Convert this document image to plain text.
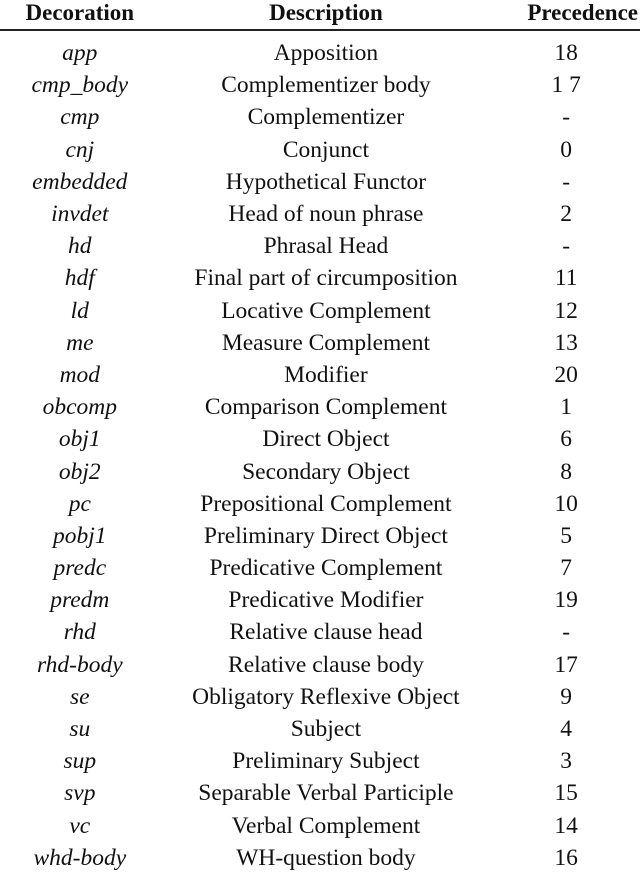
Decoration	Description	Precedence
app	Apposition	18
cmp_body	Complementizer body	1 7
cmp	Complementizer	-
cnj	Conjunct	0
embedded	Hypothetical Functor	-
invdet	Head of noun phrase	2
hd	Phrasal Head	-
hdf	Final part of circumposition	11
ld	Locative Complement	12
me	Measure Complement	13
mod	Modifier	20
obcomp	Comparison Complement	1
obj1	Direct Object	6
obj2	Secondary Object	8
pc	Prepositional Complement	10
pobj1	Preliminary Direct Object	5
predc	Predicative Complement	7
predm	Predicative Modifier	19
rhd	Relative clause head	-
rhd-body	Relative clause body	17
se	Obligatory Reflexive Object	9
su	Subject	4
sup	Preliminary Subject	3
svp	Separable Verbal Participle	15
vc	Verbal Complement	14
whd-body	WH-question body	16
